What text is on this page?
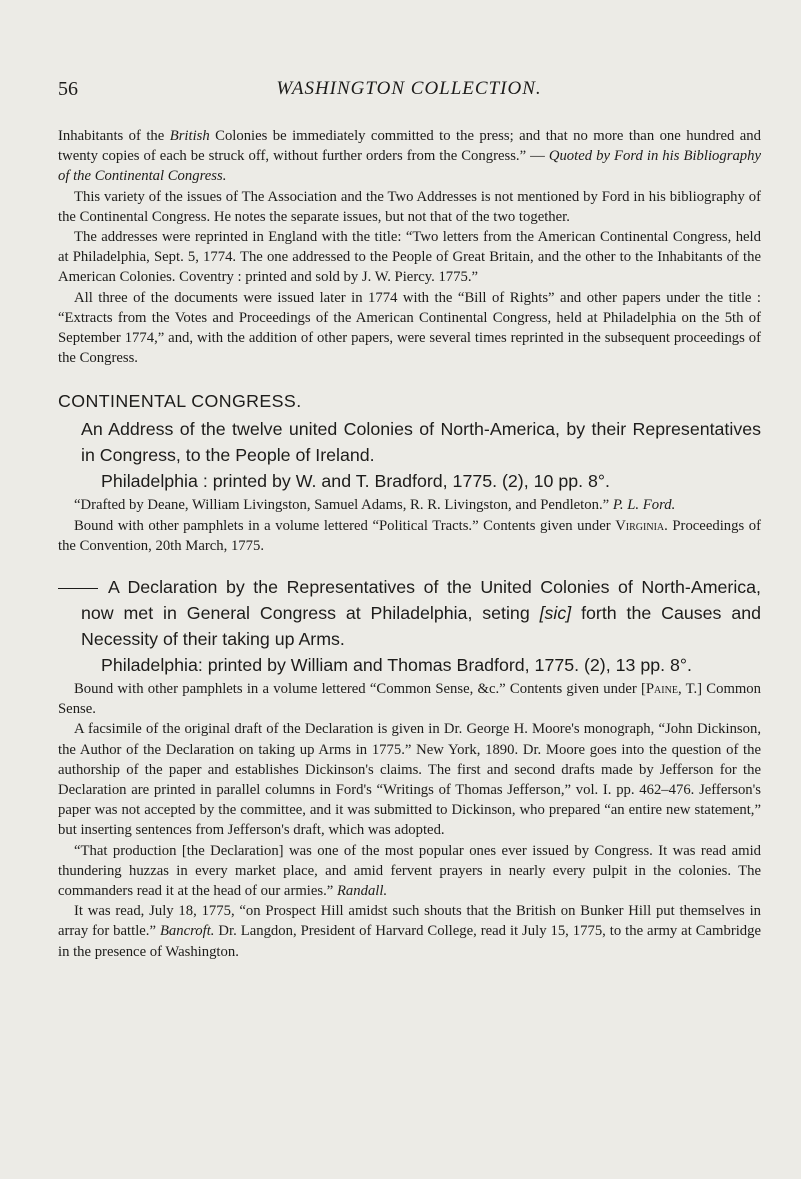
56	WASHINGTON COLLECTION.

Inhabitants of the British Colonies be immediately committed to the press; and that no more than one hundred and twenty copies of each be struck off, without further orders from the Congress.” — Quoted by Ford in his Bibliography of the Continental Congress.

This variety of the issues of The Association and the Two Addresses is not mentioned by Ford in his bibliography of the Continental Congress. He notes the separate issues, but not that of the two together.

The addresses were reprinted in England with the title: “Two letters from the American Continental Congress, held at Philadelphia, Sept. 5, 1774. The one addressed to the People of Great Britain, and the other to the Inhabitants of the American Colonies. Coventry : printed and sold by J. W. Piercy. 1775.”

All three of the documents were issued later in 1774 with the “Bill of Rights” and other papers under the title : “Extracts from the Votes and Proceedings of the American Continental Congress, held at Philadelphia on the 5th of September 1774,” and, with the addition of other papers, were several times reprinted in the subsequent proceedings of the Congress.

CONTINENTAL CONGRESS.
An Address of the twelve united Colonies of North-America, by their Representatives in Congress, to the People of Ireland.
Philadelphia : printed by W. and T. Bradford, 1775. (2), 10 pp. 8°.

“Drafted by Deane, William Livingston, Samuel Adams, R. R. Livingston, and Pendleton.” P. L. Ford.

Bound with other pamphlets in a volume lettered “Political Tracts.” Contents given under Virginia. Proceedings of the Convention, 20th March, 1775.

A Declaration by the Representatives of the United Colonies of North-America, now met in General Congress at Philadelphia, seting [sic] forth the Causes and Necessity of their taking up Arms.
Philadelphia: printed by William and Thomas Bradford, 1775. (2), 13 pp. 8°.

Bound with other pamphlets in a volume lettered “Common Sense, &c.” Contents given under [Paine, T.] Common Sense.

A facsimile of the original draft of the Declaration is given in Dr. George H. Moore's monograph, “John Dickinson, the Author of the Declaration on taking up Arms in 1775.” New York, 1890. Dr. Moore goes into the question of the authorship of the paper and establishes Dickinson's claims. The first and second drafts made by Jefferson for the Declaration are printed in parallel columns in Ford's “Writings of Thomas Jefferson,” vol. I. pp. 462–476. Jefferson's paper was not accepted by the committee, and it was submitted to Dickinson, who prepared “an entire new statement,” but inserting sentences from Jefferson's draft, which was adopted.

“That production [the Declaration] was one of the most popular ones ever issued by Congress. It was read amid thundering huzzas in every market place, and amid fervent prayers in nearly every pulpit in the colonies. The commanders read it at the head of our armies.” Randall.

It was read, July 18, 1775, “on Prospect Hill amidst such shouts that the British on Bunker Hill put themselves in array for battle.” Bancroft. Dr. Langdon, President of Harvard College, read it July 15, 1775, to the army at Cambridge in the presence of Washington.
